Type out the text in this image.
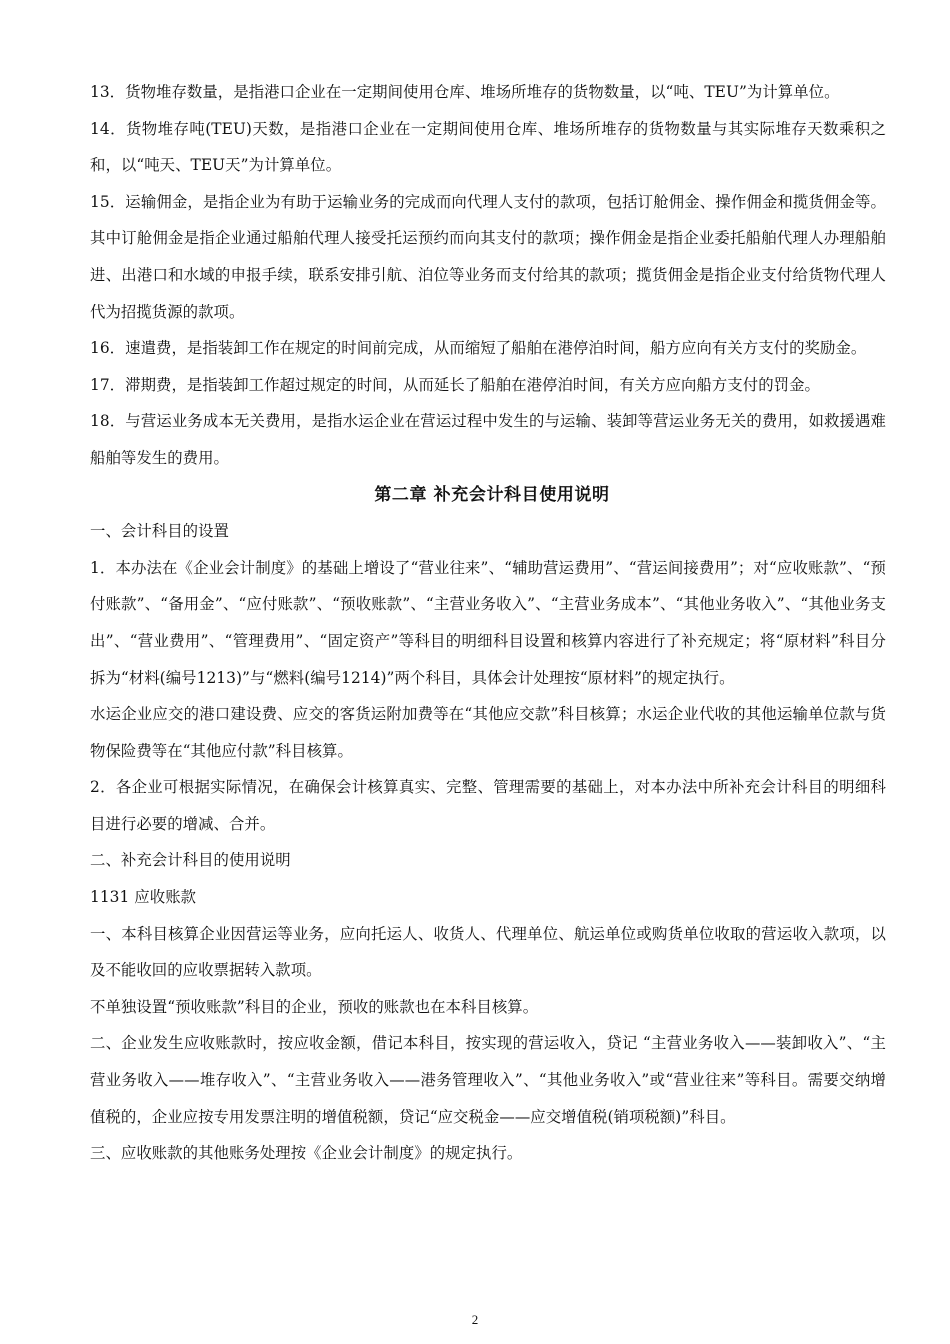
13．货物堆存数量，是指港口企业在一定期间使用仓库、堆场所堆存的货物数量，以“吨、TEU”为计算单位。

14．货物堆存吨(TEU)天数，是指港口企业在一定期间使用仓库、堆场所堆存的货物数量与其实际堆存天数乘积之和，以“吨天、TEU天”为计算单位。

15．运输佣金，是指企业为有助于运输业务的完成而向代理人支付的款项，包括订舱佣金、操作佣金和揽货佣金等。其中订舱佣金是指企业通过船舶代理人接受托运预约而向其支付的款项；操作佣金是指企业委托船舶代理人办理船舶进、出港口和水域的申报手续，联系安排引航、泊位等业务而支付给其的款项；揽货佣金是指企业支付给货物代理人代为招揽货源的款项。

16．速遣费，是指装卸工作在规定的时间前完成，从而缩短了船舶在港停泊时间，船方应向有关方支付的奖励金。

17．滞期费，是指装卸工作超过规定的时间，从而延长了船舶在港停泊时间，有关方应向船方支付的罚金。

18．与营运业务成本无关费用，是指水运企业在营运过程中发生的与运输、装卸等营运业务无关的费用，如救援遇难船舶等发生的费用。

第二章 补充会计科目使用说明

一、会计科目的设置

1．本办法在《企业会计制度》的基础上增设了“营业往来”、“辅助营运费用”、“营运间接费用”；对“应收账款”、“预付账款”、“备用金”、“应付账款”、“预收账款”、“主营业务收入”、“主营业务成本”、“其他业务收入”、“其他业务支出”、“营业费用”、“管理费用”、“固定资产”等科目的明细科目设置和核算内容进行了补充规定；将“原材料”科目分拆为“材料(编号1213)”与“燃料(编号1214)”两个科目，具体会计处理按“原材料”的规定执行。

水运企业应交的港口建设费、应交的客货运附加费等在“其他应交款”科目核算；水运企业代收的其他运输单位款与货物保险费等在“其他应付款”科目核算。

2．各企业可根据实际情况，在确保会计核算真实、完整、管理需要的基础上，对本办法中所补充会计科目的明细科目进行必要的增减、合并。

二、补充会计科目的使用说明

1131 应收账款

一、本科目核算企业因营运等业务，应向托运人、收货人、代理单位、航运单位或购货单位收取的营运收入款项，以及不能收回的应收票据转入款项。

不单独设置“预收账款”科目的企业，预收的账款也在本科目核算。

二、企业发生应收账款时，按应收金额，借记本科目，按实现的营运收入，贷记 “主营业务收入——装卸收入”、“主营业务收入——堆存收入”、“主营业务收入——港务管理收入”、“其他业务收入”或“营业往来”等科目。需要交纳增值税的，企业应按专用发票注明的增值税额，贷记“应交税金——应交增值税(销项税额)”科目。

三、应收账款的其他账务处理按《企业会计制度》的规定执行。

2
